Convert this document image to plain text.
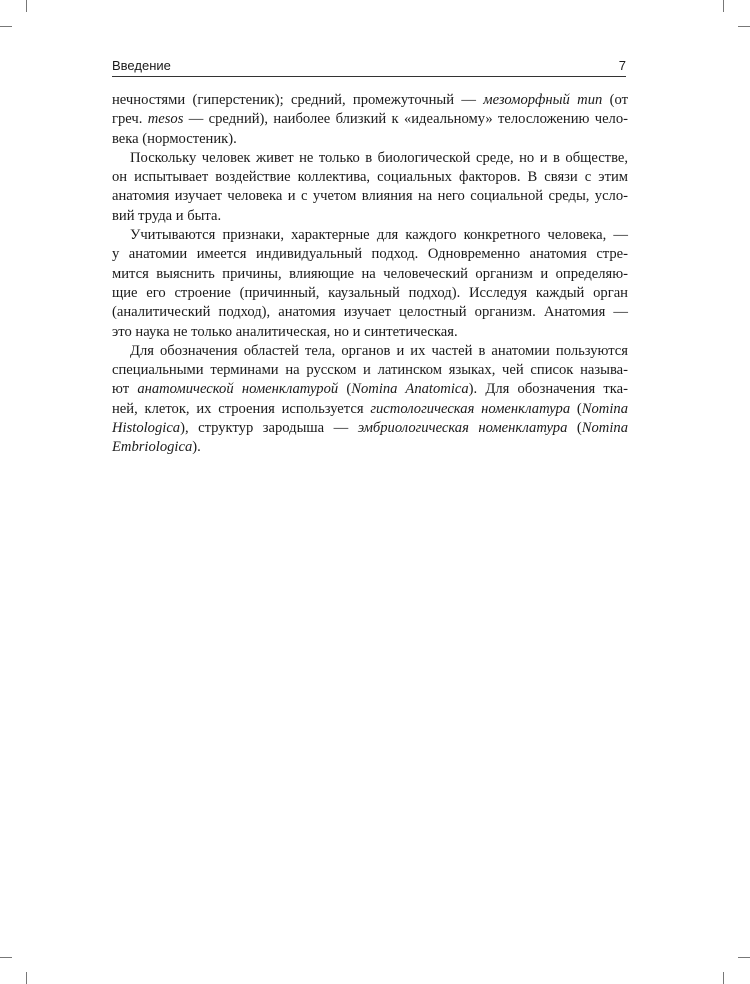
Введение	7
нечностями (гиперстеник); средний, промежуточный — мезоморфный тип (от
греч. mesos — средний), наиболее близкий к «идеальному» телосложению чело-
века (нормостеник).
Поскольку человек живет не только в биологической среде, но и в обществе,
он испытывает воздействие коллектива, социальных факторов. В связи с этим
анатомия изучает человека и с учетом влияния на него социальной среды, усло-
вий труда и быта.
Учитываются признаки, характерные для каждого конкретного человека, —
у анатомии имеется индивидуальный подход. Одновременно анатомия стре-
мится выяснить причины, влияющие на человеческий организм и определяю-
щие его строение (причинный, каузальный подход). Исследуя каждый орган
(аналитический подход), анатомия изучает целостный организм. Анатомия —
это наука не только аналитическая, но и синтетическая.
Для обозначения областей тела, органов и их частей в анатомии пользуются
специальными терминами на русском и латинском языках, чей список называ-
ют анатомической номенклатурой (Nomina Anatomica). Для обозначения тка-
ней, клеток, их строения используется гистологическая номенклатура (Nomina
Histologica), структур зародыша — эмбриологическая номенклатура (Nomina
Embriologica).
